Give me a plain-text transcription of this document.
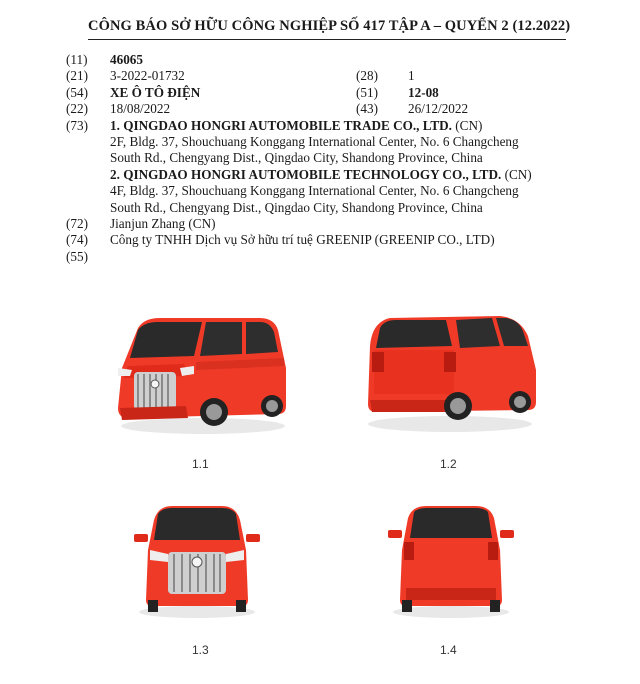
CÔNG BÁO SỞ HỮU CÔNG NGHIỆP SỐ 417 TẬP A – QUYỂN 2 (12.2022)
(11) 46065
(21) 3-2022-01732	(28) 1
(54) XE Ô TÔ ĐIỆN	(51) 12-08
(22) 18/08/2022	(43) 26/12/2022
(73) 1. QINGDAO HONGRI AUTOMOBILE TRADE CO., LTD. (CN)
2F, Bldg. 37, Shouchuang Konggang International Center, No. 6 Changcheng
South Rd., Chengyang Dist., Qingdao City, Shandong Province, China
2. QINGDAO HONGRI AUTOMOBILE TECHNOLOGY CO., LTD. (CN)
4F, Bldg. 37, Shouchuang Konggang International Center, No. 6 Changcheng
South Rd., Chengyang Dist., Qingdao City, Shandong Province, China
(72) Jianjun Zhang (CN)
(74) Công ty TNHH Dịch vụ Sở hữu trí tuệ GREENIP (GREENIP CO., LTD)
(55)
1.1	1.2
1.3	1.4
